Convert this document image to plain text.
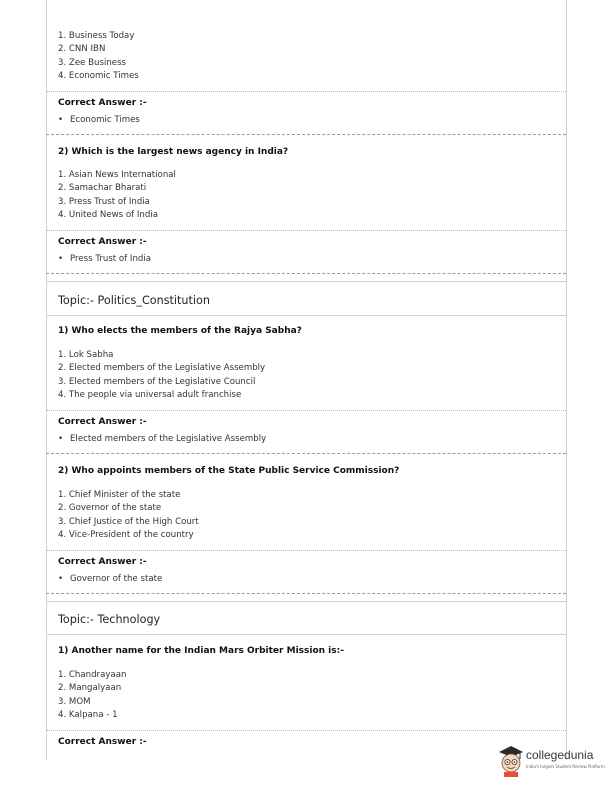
1. Business Today
2. CNN IBN
3. Zee Business
4. Economic Times
Correct Answer :-
• Economic Times
2) Which is the largest news agency in India?
1. Asian News International
2. Samachar Bharati
3. Press Trust of India
4. United News of India
Correct Answer :-
• Press Trust of India
Topic:- Politics_Constitution
1) Who elects the members of the Rajya Sabha?
1. Lok Sabha
2. Elected members of the Legislative Assembly
3. Elected members of the Legislative Council
4. The people via universal adult franchise
Correct Answer :-
• Elected members of the Legislative Assembly
2) Who appoints members of the State Public Service Commission?
1. Chief Minister of the state
2. Governor of the state
3. Chief Justice of the High Court
4. Vice-President of the country
Correct Answer :-
• Governor of the state
Topic:- Technology
1) Another name for the Indian Mars Orbiter Mission is:-
1. Chandrayaan
2. Mangalyaan
3. MOM
4. Kalpana - 1
Correct Answer :-
collegedunia
India's largest Student Review Platform
